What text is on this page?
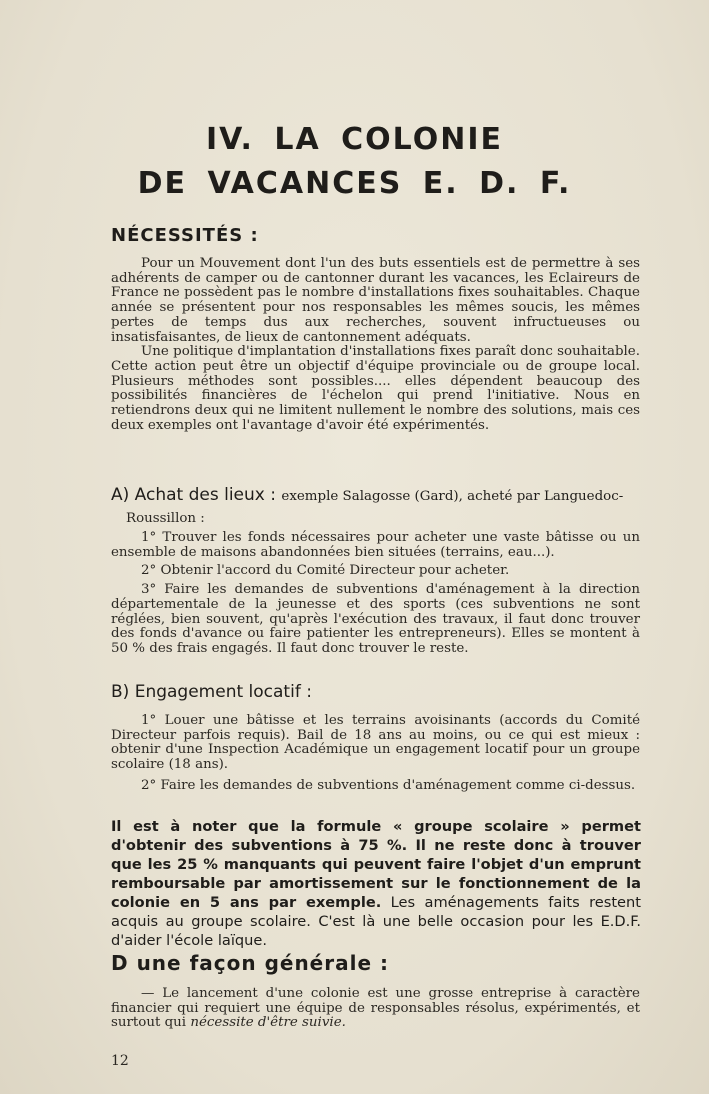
IV. LA COLONIE
DE VACANCES E. D. F.
NÉCESSITÉS :

Pour un Mouvement dont l'un des buts essentiels est de permettre à ses adhérents de camper ou de cantonner durant les vacances, les Eclaireurs de France ne possèdent pas le nombre d'installations fixes souhaitables. Chaque année se présentent pour nos responsables les mêmes soucis, les mêmes pertes de temps dus aux recherches, souvent infructueuses ou insatisfaisantes, de lieux de cantonnement adéquats.

Une politique d'implantation d'installations fixes paraît donc souhaitable. Cette action peut être un objectif d'équipe provinciale ou de groupe local. Plusieurs méthodes sont possibles.... elles dépendent beaucoup des possibilités financières de l'échelon qui prend l'initiative. Nous en retiendrons deux qui ne limitent nullement le nombre des solutions, mais ces deux exemples ont l'avantage d'avoir été expérimentés.

A) Achat des lieux : exemple Salagosse (Gard), acheté par Languedoc-
Roussillon :

1° Trouver les fonds nécessaires pour acheter une vaste bâtisse ou un ensemble de maisons abandonnées bien situées (terrains, eau...).

2° Obtenir l'accord du Comité Directeur pour acheter.

3° Faire les demandes de subventions d'aménagement à la direction départementale de la jeunesse et des sports (ces subventions ne sont réglées, bien souvent, qu'après l'exécution des travaux, il faut donc trouver des fonds d'avance ou faire patienter les entrepreneurs). Elles se montent à 50 % des frais engagés. Il faut donc trouver le reste.

B) Engagement locatif :

1° Louer une bâtisse et les terrains avoisinants (accords du Comité Directeur parfois requis). Bail de 18 ans au moins, ou ce qui est mieux : obtenir d'une Inspection Académique un engagement locatif pour un groupe scolaire (18 ans).

2° Faire les demandes de subventions d'aménagement comme ci-dessus.

Il est à noter que la formule « groupe scolaire » permet d'obtenir des subventions à 75 %. Il ne reste donc à trouver que les 25 % manquants qui peuvent faire l'objet d'un emprunt remboursable par amortissement sur le fonctionnement de la colonie en 5 ans par exemple. Les aménagements faits restent acquis au groupe scolaire. C'est là une belle occasion pour les E.D.F. d'aider l'école laïque.
D une façon générale :

— Le lancement d'une colonie est une grosse entreprise à caractère financier qui requiert une équipe de responsables résolus, expérimentés, et surtout qui nécessite d'être suivie.

12
